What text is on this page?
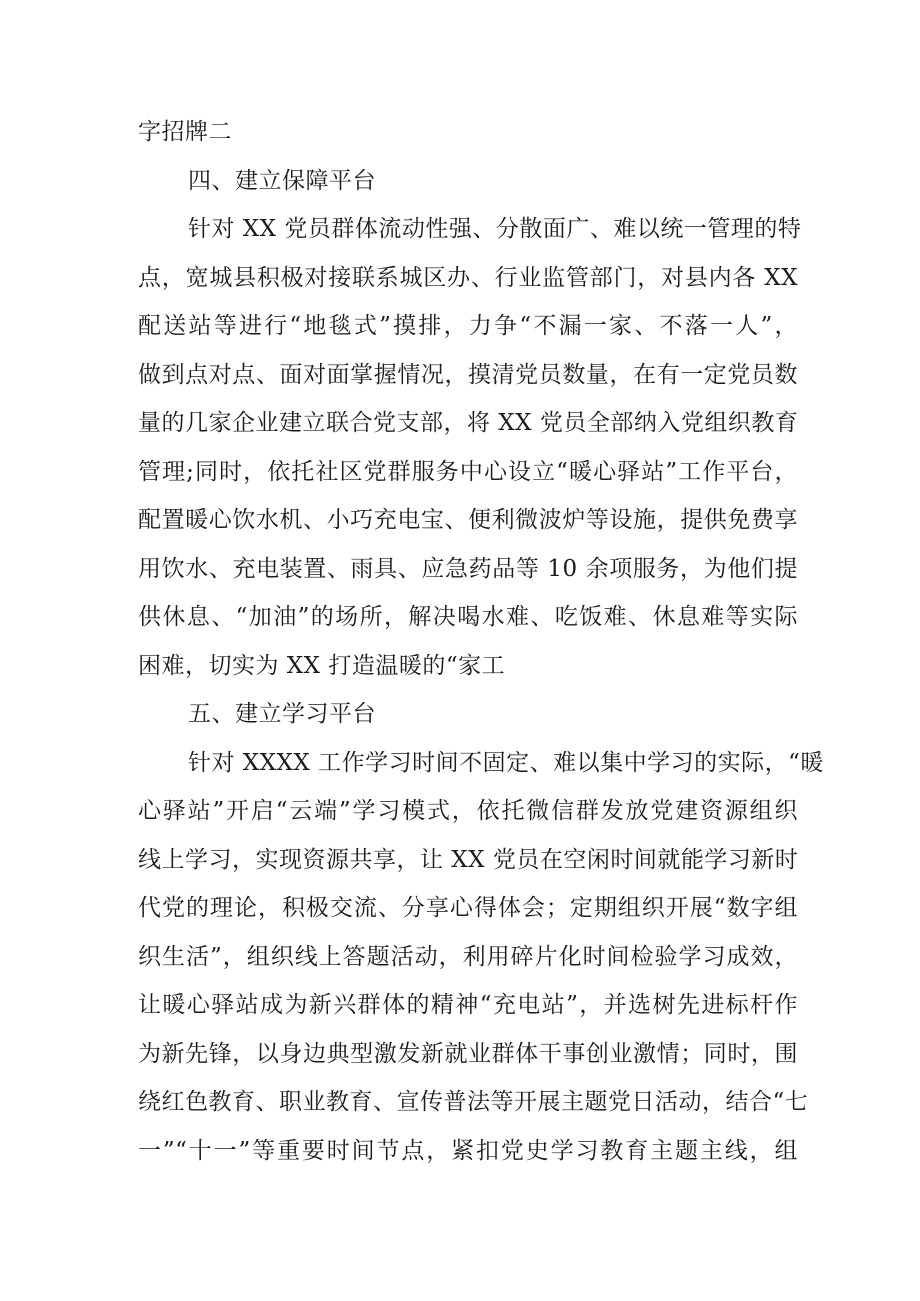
字招牌二
四、建立保障平台
针对 XX 党员群体流动性强、分散面广、难以统一管理的特
点，宽城县积极对接联系城区办、行业监管部门，对县内各 XX
配送站等进行“地毯式”摸排，力争“不漏一家、不落一人”，
做到点对点、面对面掌握情况，摸清党员数量，在有一定党员数
量的几家企业建立联合党支部，将 XX 党员全部纳入党组织教育
管理;同时，依托社区党群服务中心设立“暖心驿站”工作平台，
配置暖心饮水机、小巧充电宝、便利微波炉等设施，提供免费享
用饮水、充电装置、雨具、应急药品等 10 余项服务，为他们提
供休息、“加油”的场所，解决喝水难、吃饭难、休息难等实际
困难，切实为 XX 打造温暖的“家工
五、建立学习平台
针对 XXXX 工作学习时间不固定、难以集中学习的实际，“暖
心驿站”开启“云端”学习模式，依托微信群发放党建资源组织
线上学习，实现资源共享，让 XX 党员在空闲时间就能学习新时
代党的理论，积极交流、分享心得体会；定期组织开展“数字组
织生活”，组织线上答题活动，利用碎片化时间检验学习成效，
让暖心驿站成为新兴群体的精神“充电站”，并选树先进标杆作
为新先锋，以身边典型激发新就业群体干事创业激情；同时，围
绕红色教育、职业教育、宣传普法等开展主题党日活动，结合“七
一”“十一”等重要时间节点，紧扣党史学习教育主题主线，组
